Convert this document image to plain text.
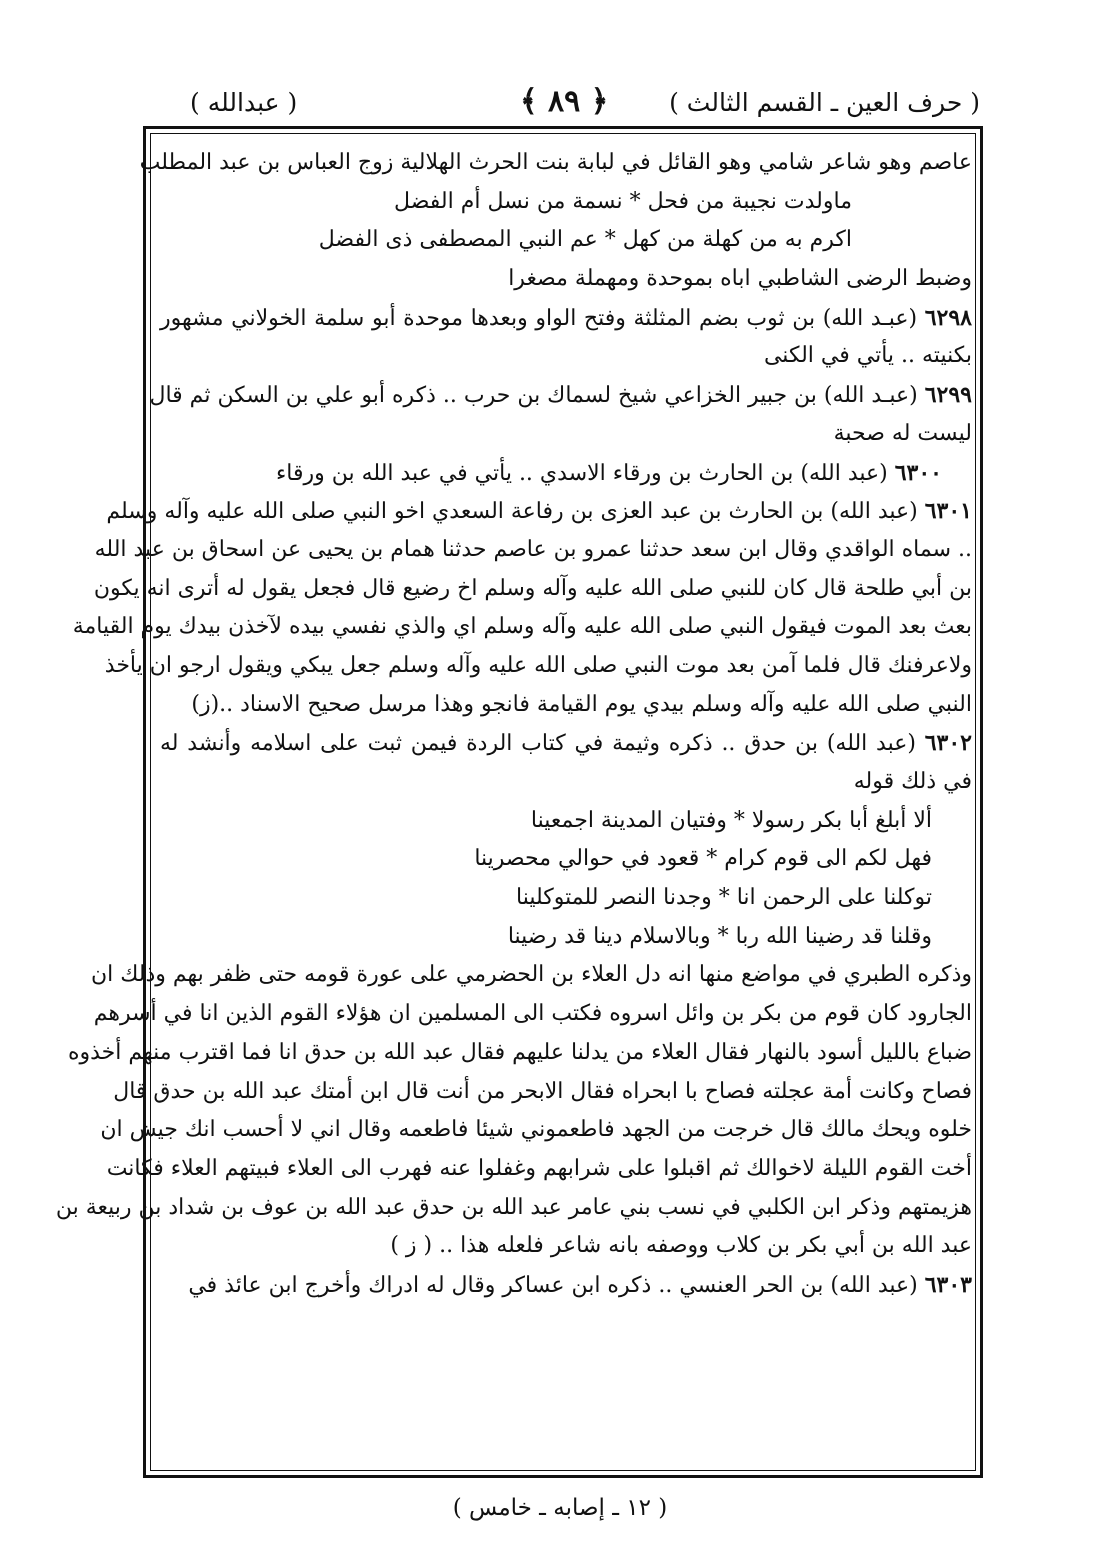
( حرف العين ـ القسم الثالث )
﴿ ٨٩ ﴾
( عبدالله )
عاصم وهو شاعر شامي وهو القائل في لبابة بنت الحرث الهلالية زوج العباس بن عبد المطلب
ماولدت نجيبة من فحل * نسمة من نسل أم الفضل
اكرم به من كهلة من كهل * عم النبي المصطفى ذى الفضل
وضبط الرضى الشاطبي اباه بموحدة ومهملة مصغرا
٦٢٩٨ (عبـد الله) بن ثوب بضم المثلثة وفتح الواو وبعدها موحدة أبو سلمة الخولاني مشهور
بكنيته .. يأتي في الكنى
٦٢٩٩ (عبـد الله) بن جبير الخزاعي شيخ لسماك بن حرب .. ذكره أبو علي بن السكن ثم قال
ليست له صحبة
٦٣٠٠ (عبد الله) بن الحارث بن ورقاء الاسدي .. يأتي في عبد الله بن ورقاء
٦٣٠١ (عبد الله) بن الحارث بن عبد العزى بن رفاعة السعدي اخو النبي صلى الله عليه وآله وسلم
.. سماه الواقدي وقال ابن سعد حدثنا عمرو بن عاصم حدثنا همام بن يحيى عن اسحاق بن عبد الله
بن أبي طلحة قال كان للنبي صلى الله عليه وآله وسلم اخ رضيع قال فجعل يقول له أترى انه يكون
بعث بعد الموت فيقول النبي صلى الله عليه وآله وسلم اي والذي نفسي بيده لآخذن بيدك يوم القيامة
ولاعرفنك قال فلما آمن بعد موت النبي صلى الله عليه وآله وسلم جعل يبكي ويقول ارجو ان يأخذ
النبي صلى الله عليه وآله وسلم بيدي يوم القيامة فانجو وهذا مرسل صحيح الاسناد ..(ز)
٦٣٠٢ (عبد الله) بن حدق .. ذكره وثيمة في كتاب الردة فيمن ثبت على اسلامه وأنشد له
في ذلك قوله
ألا أبلغ أبا بكر رسولا * وفتيان المدينة اجمعينا
فهل لكم الى قوم كرام * قعود في حوالي محصرينا
توكلنا على الرحمن انا * وجدنا النصر للمتوكلينا
وقلنا قد رضينا الله ربا * وبالاسلام دينا قد رضينا
وذكره الطبري في مواضع منها انه دل العلاء بن الحضرمي على عورة قومه حتى ظفر بهم وذلك ان
الجارود كان قوم من بكر بن وائل اسروه فكتب الى المسلمين ان هؤلاء القوم الذين انا في أسرهم
ضباع بالليل أسود بالنهار فقال العلاء من يدلنا عليهم فقال عبد الله بن حدق انا فما اقترب منهم أخذوه
فصاح وكانت أمة عجلته فصاح با ابحراه فقال الابحر من أنت قال ابن أمتك عبد الله بن حدق قال
خلوه ويحك مالك قال خرجت من الجهد فاطعموني شيئا فاطعمه وقال اني لا أحسب انك جيش ان
أخت القوم الليلة لاخوالك ثم اقبلوا على شرابهم وغفلوا عنه فهرب الى العلاء فبيتهم العلاء فكانت
هزيمتهم وذكر ابن الكلبي في نسب بني عامر عبد الله بن حدق عبد الله بن عوف بن شداد بن ربيعة بن
عبد الله بن أبي بكر بن كلاب ووصفه بانه شاعر فلعله هذا .. ( ز )
٦٣٠٣ (عبد الله) بن الحر العنسي .. ذكره ابن عساكر وقال له ادراك وأخرج ابن عائذ في
( ١٢ ـ إصابه ـ خامس )
